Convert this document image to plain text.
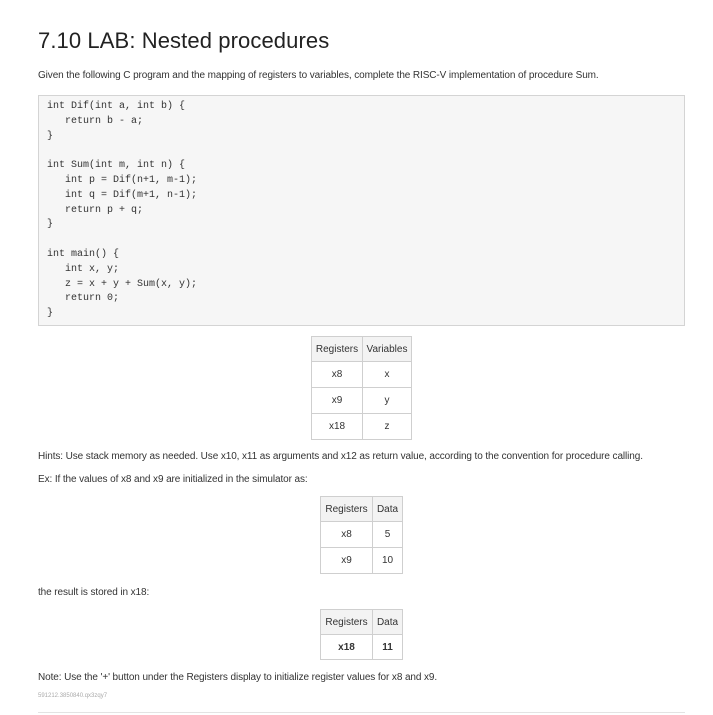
7.10 LAB: Nested procedures
Given the following C program and the mapping of registers to variables, complete the RISC-V implementation of procedure Sum.
int Dif(int a, int b) {
return b - a;
}
int Sum(int m, int n) {
int p = Dif(n+1, m-1);
int q = Dif(m+1, n-1);
return p + q;
}
int main() {
int x, y;
z = x + y + Sum(x, y);
return 0;
}
Registers	Variables
x8	x
x9	y
x18	z
Hints: Use stack memory as needed. Use x10, x11 as arguments and x12 as return value, according to the convention for procedure calling.
Ex: If the values of x8 and x9 are initialized in the simulator as:
Registers	Data
x8	5
x9	10
the result is stored in x18:
Registers	Data
x18	11
Note: Use the '+' button under the Registers display to initialize register values for x8 and x9.
591212.3850840.qx3zqy7
